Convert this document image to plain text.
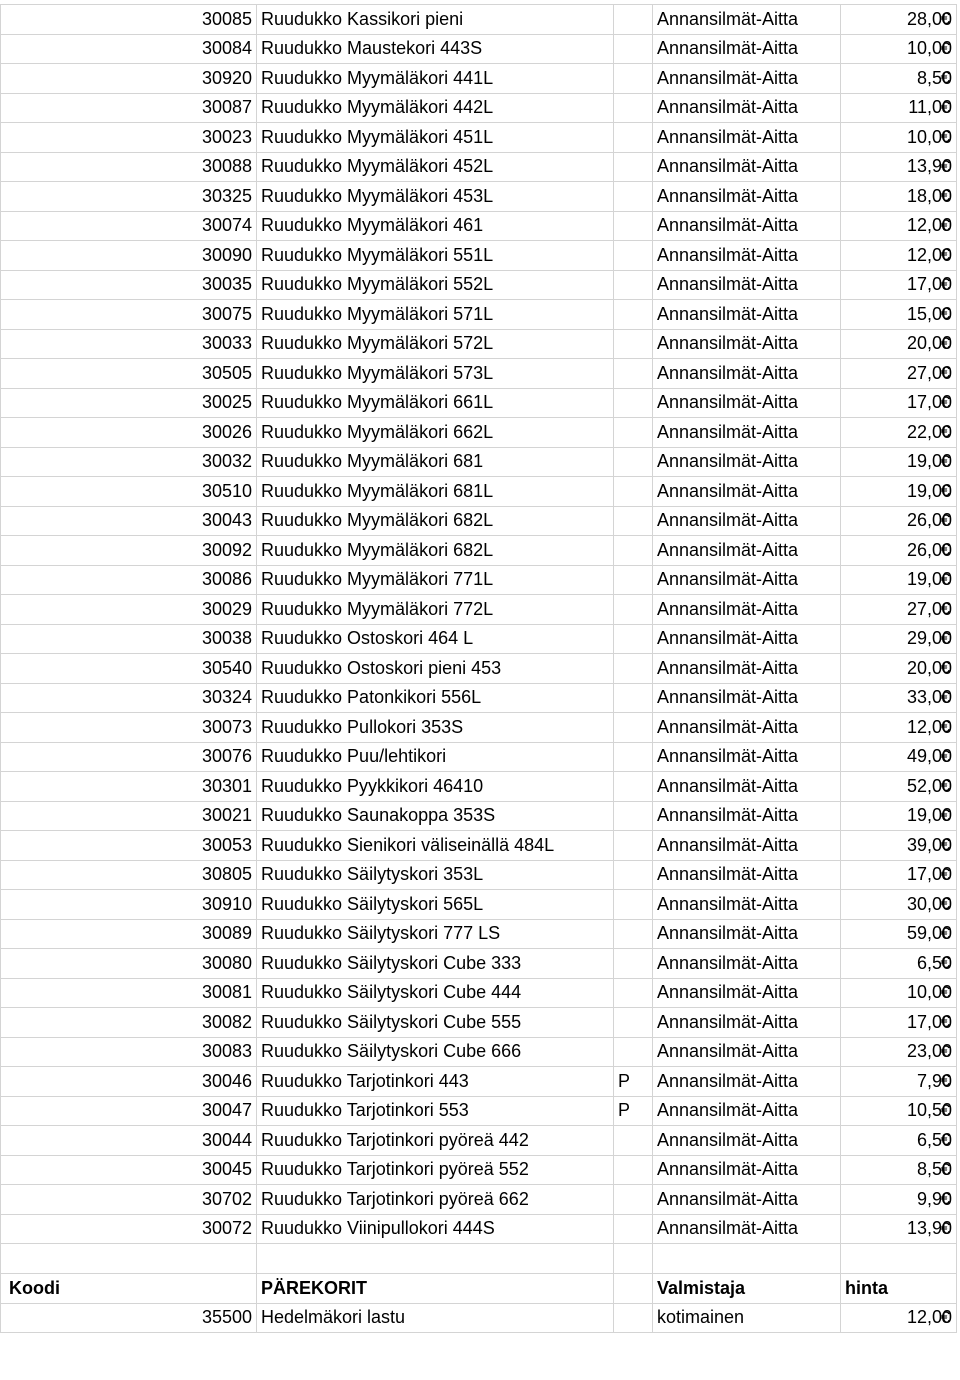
30085	Ruudukko Kassikori pieni		Annansilmät-Aitta	28,00 €
30084	Ruudukko Maustekori 443S		Annansilmät-Aitta	10,00 €
30920	Ruudukko Myymäläkori 441L		Annansilmät-Aitta	8,50 €
30087	Ruudukko Myymäläkori 442L		Annansilmät-Aitta	11,00 €
30023	Ruudukko Myymäläkori 451L		Annansilmät-Aitta	10,00 €
30088	Ruudukko Myymäläkori 452L		Annansilmät-Aitta	13,90 €
30325	Ruudukko Myymäläkori 453L		Annansilmät-Aitta	18,00 €
30074	Ruudukko Myymäläkori 461		Annansilmät-Aitta	12,00 €
30090	Ruudukko Myymäläkori 551L		Annansilmät-Aitta	12,00 €
30035	Ruudukko Myymäläkori 552L		Annansilmät-Aitta	17,00 €
30075	Ruudukko Myymäläkori 571L		Annansilmät-Aitta	15,00 €
30033	Ruudukko Myymäläkori 572L		Annansilmät-Aitta	20,00 €
30505	Ruudukko Myymäläkori 573L		Annansilmät-Aitta	27,00 €
30025	Ruudukko Myymäläkori 661L		Annansilmät-Aitta	17,00 €
30026	Ruudukko Myymäläkori 662L		Annansilmät-Aitta	22,00 €
30032	Ruudukko Myymäläkori 681		Annansilmät-Aitta	19,00 €
30510	Ruudukko Myymäläkori 681L		Annansilmät-Aitta	19,00 €
30043	Ruudukko Myymäläkori 682L		Annansilmät-Aitta	26,00 €
30092	Ruudukko Myymäläkori 682L		Annansilmät-Aitta	26,00 €
30086	Ruudukko Myymäläkori 771L		Annansilmät-Aitta	19,00 €
30029	Ruudukko Myymäläkori 772L		Annansilmät-Aitta	27,00 €
30038	Ruudukko Ostoskori 464 L		Annansilmät-Aitta	29,00 €
30540	Ruudukko Ostoskori pieni 453		Annansilmät-Aitta	20,00 €
30324	Ruudukko Patonkikori 556L		Annansilmät-Aitta	33,00 €
30073	Ruudukko Pullokori 353S		Annansilmät-Aitta	12,00 €
30076	Ruudukko Puu/lehtikori		Annansilmät-Aitta	49,00 €
30301	Ruudukko Pyykkikori 46410		Annansilmät-Aitta	52,00 €
30021	Ruudukko Saunakoppa 353S		Annansilmät-Aitta	19,00 €
30053	Ruudukko Sienikori väliseinällä 484L		Annansilmät-Aitta	39,00 €
30805	Ruudukko Säilytyskori 353L		Annansilmät-Aitta	17,00 €
30910	Ruudukko Säilytyskori 565L		Annansilmät-Aitta	30,00 €
30089	Ruudukko Säilytyskori 777 LS		Annansilmät-Aitta	59,00 €
30080	Ruudukko Säilytyskori Cube 333		Annansilmät-Aitta	6,50 €
30081	Ruudukko Säilytyskori Cube 444		Annansilmät-Aitta	10,00 €
30082	Ruudukko Säilytyskori Cube 555		Annansilmät-Aitta	17,00 €
30083	Ruudukko Säilytyskori Cube 666		Annansilmät-Aitta	23,00 €
30046	Ruudukko Tarjotinkori 443	P	Annansilmät-Aitta	7,90 €
30047	Ruudukko Tarjotinkori 553	P	Annansilmät-Aitta	10,50 €
30044	Ruudukko Tarjotinkori pyöreä 442		Annansilmät-Aitta	6,50 €
30045	Ruudukko Tarjotinkori pyöreä 552		Annansilmät-Aitta	8,50 €
30702	Ruudukko Tarjotinkori pyöreä 662		Annansilmät-Aitta	9,90 €
30072	Ruudukko Viinipullokori 444S		Annansilmät-Aitta	13,90 €

Koodi	PÄREKORIT		Valmistaja	hinta
35500	Hedelmäkori lastu		kotimainen	12,00 €
